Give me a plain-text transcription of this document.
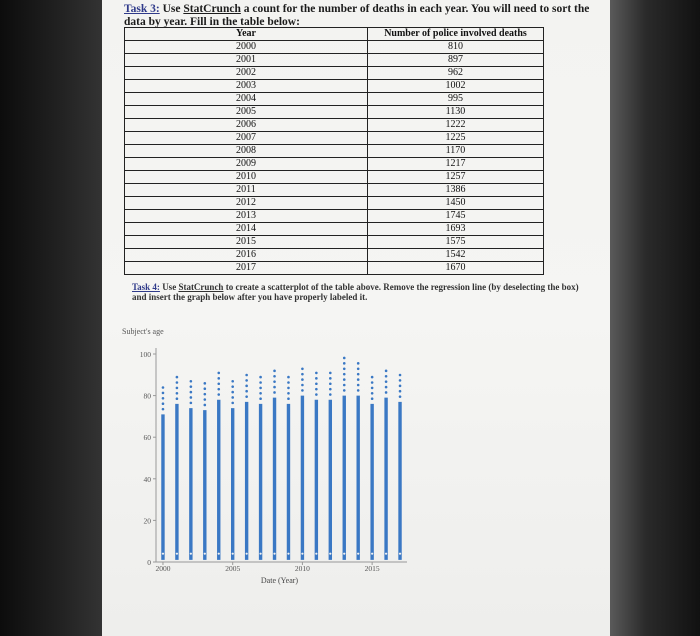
Task 3: Use StatCrunch a count for the number of deaths in each year. You will need to sort the data by year. Fill in the table below:
Year	Number of police involved deaths
2000	810
2001	897
2002	962
2003	1002
2004	995
2005	1130
2006	1222
2007	1225
2008	1170
2009	1217
2010	1257
2011	1386
2012	1450
2013	1745
2014	1693
2015	1575
2016	1542
2017	1670
Task 4: Use StatCrunch to create a scatterplot of the table above. Remove the regression line (by deselecting the box) and insert the graph below after you have properly labeled it.
Subject's age
0
20
40
60
80
100
2000	2005	2010	2015
Date (Year)
